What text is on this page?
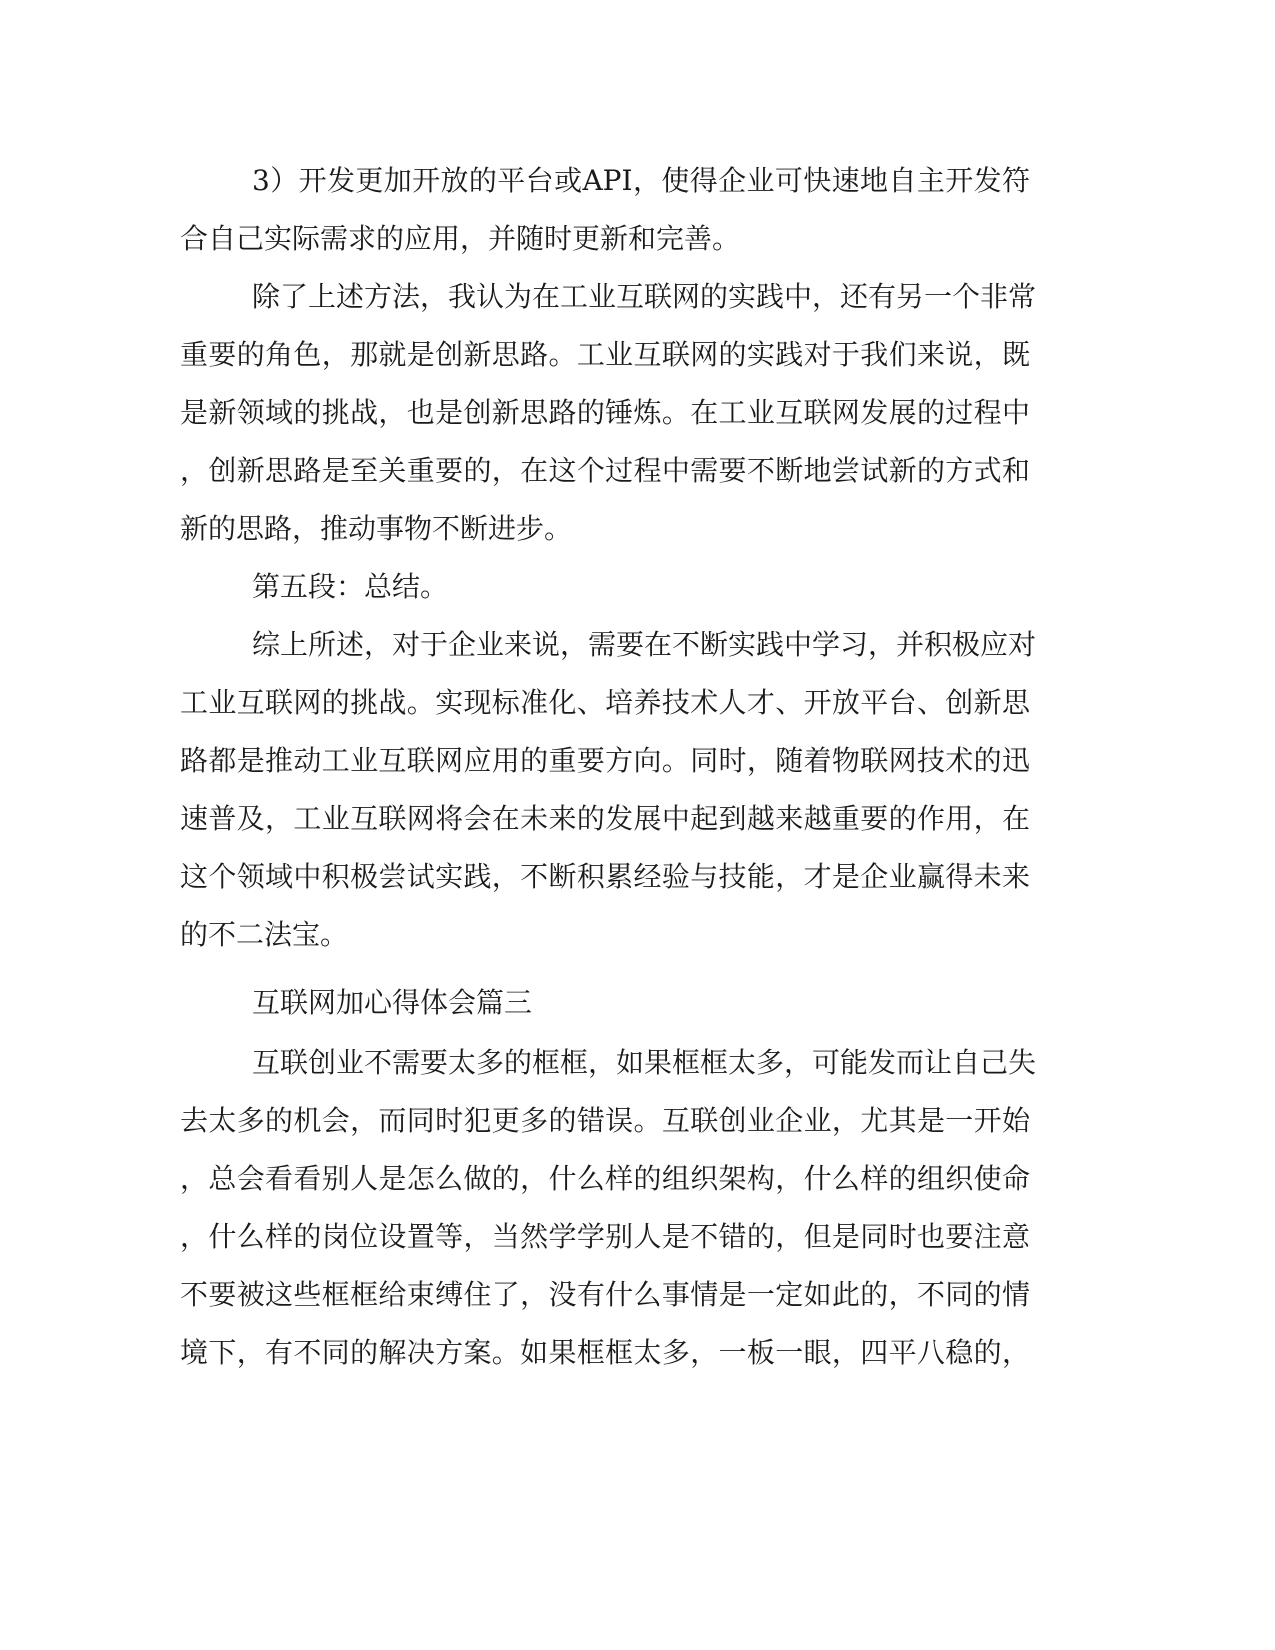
3）开发更加开放的平台或API，使得企业可快速地自主开发符
合自己实际需求的应用，并随时更新和完善。
除了上述方法，我认为在工业互联网的实践中，还有另一个非常
重要的角色，那就是创新思路。工业互联网的实践对于我们来说，既
是新领域的挑战，也是创新思路的锤炼。在工业互联网发展的过程中
，创新思路是至关重要的，在这个过程中需要不断地尝试新的方式和
新的思路，推动事物不断进步。
第五段：总结。
综上所述，对于企业来说，需要在不断实践中学习，并积极应对
工业互联网的挑战。实现标准化、培养技术人才、开放平台、创新思
路都是推动工业互联网应用的重要方向。同时，随着物联网技术的迅
速普及，工业互联网将会在未来的发展中起到越来越重要的作用，在
这个领域中积极尝试实践，不断积累经验与技能，才是企业赢得未来
的不二法宝。
互联网加心得体会篇三
互联创业不需要太多的框框，如果框框太多，可能发而让自己失
去太多的机会，而同时犯更多的错误。互联创业企业，尤其是一开始
，总会看看别人是怎么做的，什么样的组织架构，什么样的组织使命
，什么样的岗位设置等，当然学学别人是不错的，但是同时也要注意
不要被这些框框给束缚住了，没有什么事情是一定如此的，不同的情
境下，有不同的解决方案。如果框框太多，一板一眼，四平八稳的，
